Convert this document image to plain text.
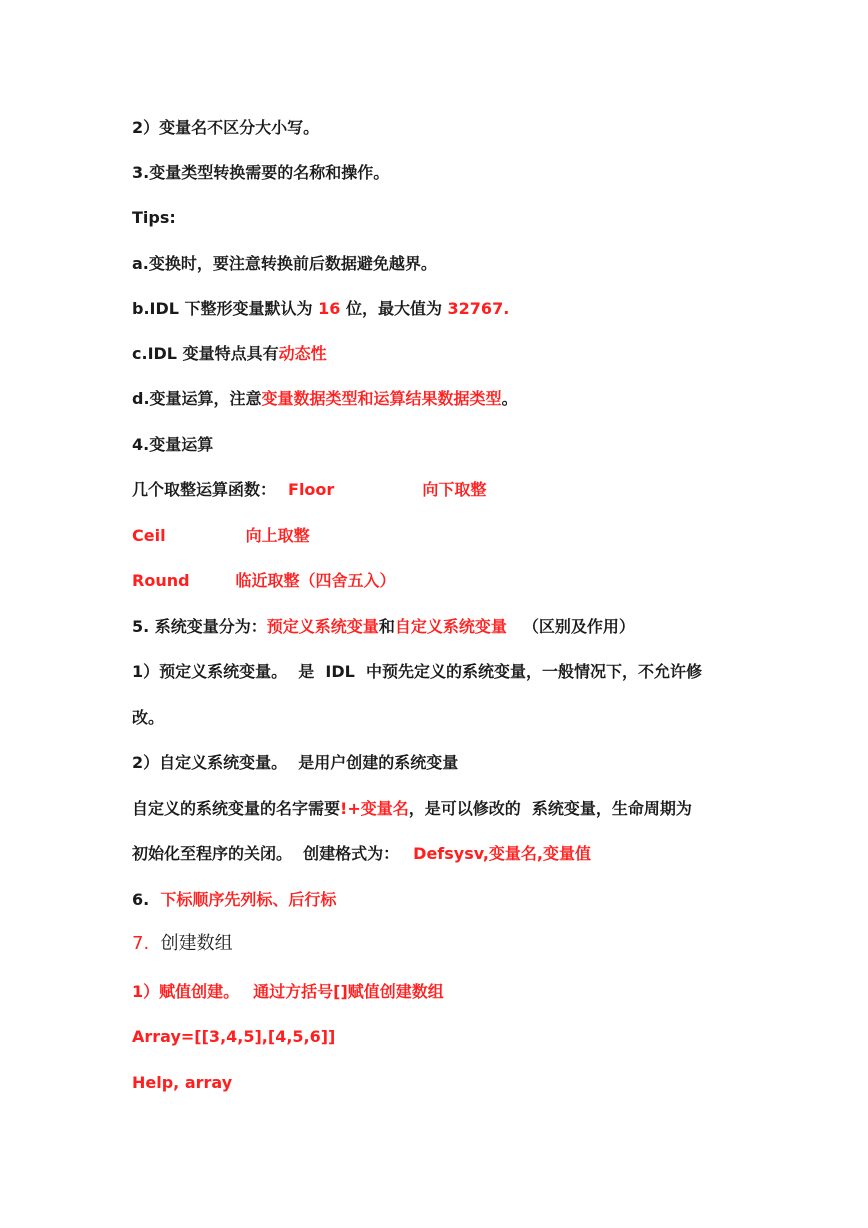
2）变量名不区分大小写。
3.变量类型转换需要的名称和操作。
Tips:
a.变换时，要注意转换前后数据避免越界。
b.IDL 下整形变量默认为 16 位，最大值为 32767.
c.IDL 变量特点具有动态性
d.变量运算，注意变量数据类型和运算结果数据类型。
4.变量运算
几个取整运算函数： Floor	向下取整
Ceil	向上取整
Round	临近取整（四舍五入）
5. 系统变量分为：预定义系统变量和自定义系统变量 （区别及作用）
1）预定义系统变量。  是  IDL  中预先定义的系统变量，一般情况下，不允许修
改。
2）自定义系统变量。  是用户创建的系统变量
自定义的系统变量的名字需要!+变量名，是可以修改的  系统变量，生命周期为
初始化至程序的关闭。  创建格式为： Defsysv,变量名,变量值
6.  下标顺序先列标、后行标
7.  创建数组
1）赋值创建。 通过方括号[]赋值创建数组
Array=[[3,4,5],[4,5,6]]
Help, array
